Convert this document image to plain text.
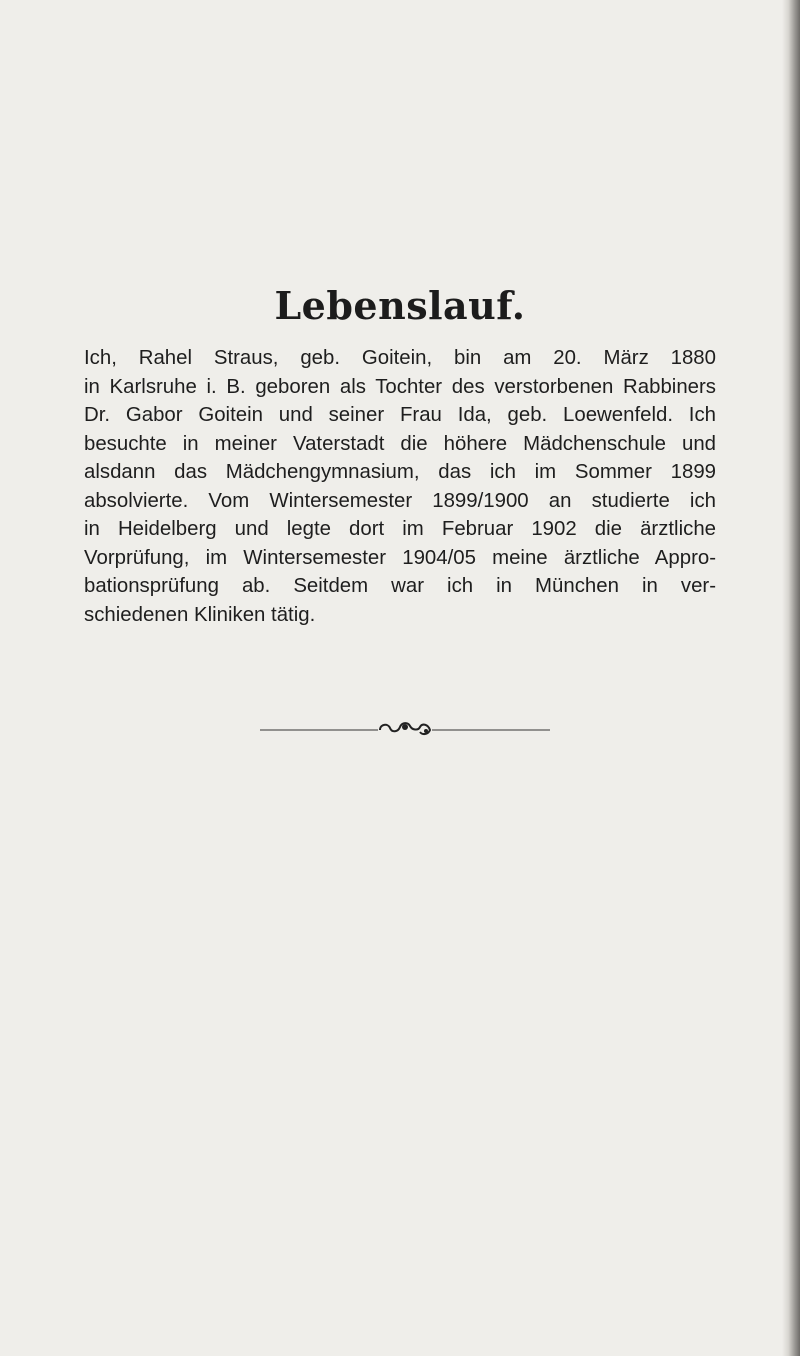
Lebenslauf.
Ich, Rahel Straus, geb. Goitein, bin am 20. März 1880
in Karlsruhe i. B. geboren als Tochter des verstorbenen Rabbiners
Dr. Gabor Goitein und seiner Frau Ida, geb. Loewenfeld. Ich
besuchte in meiner Vaterstadt die höhere Mädchenschule und
alsdann das Mädchengymnasium, das ich im Sommer 1899
absolvierte. Vom Wintersemester 1899/1900 an studierte ich
in Heidelberg und legte dort im Februar 1902 die ärztliche
Vorprüfung, im Wintersemester 1904/05 meine ärztliche Appro-
bationsprüfung ab. Seitdem war ich in München in ver-
schiedenen Kliniken tätig.
